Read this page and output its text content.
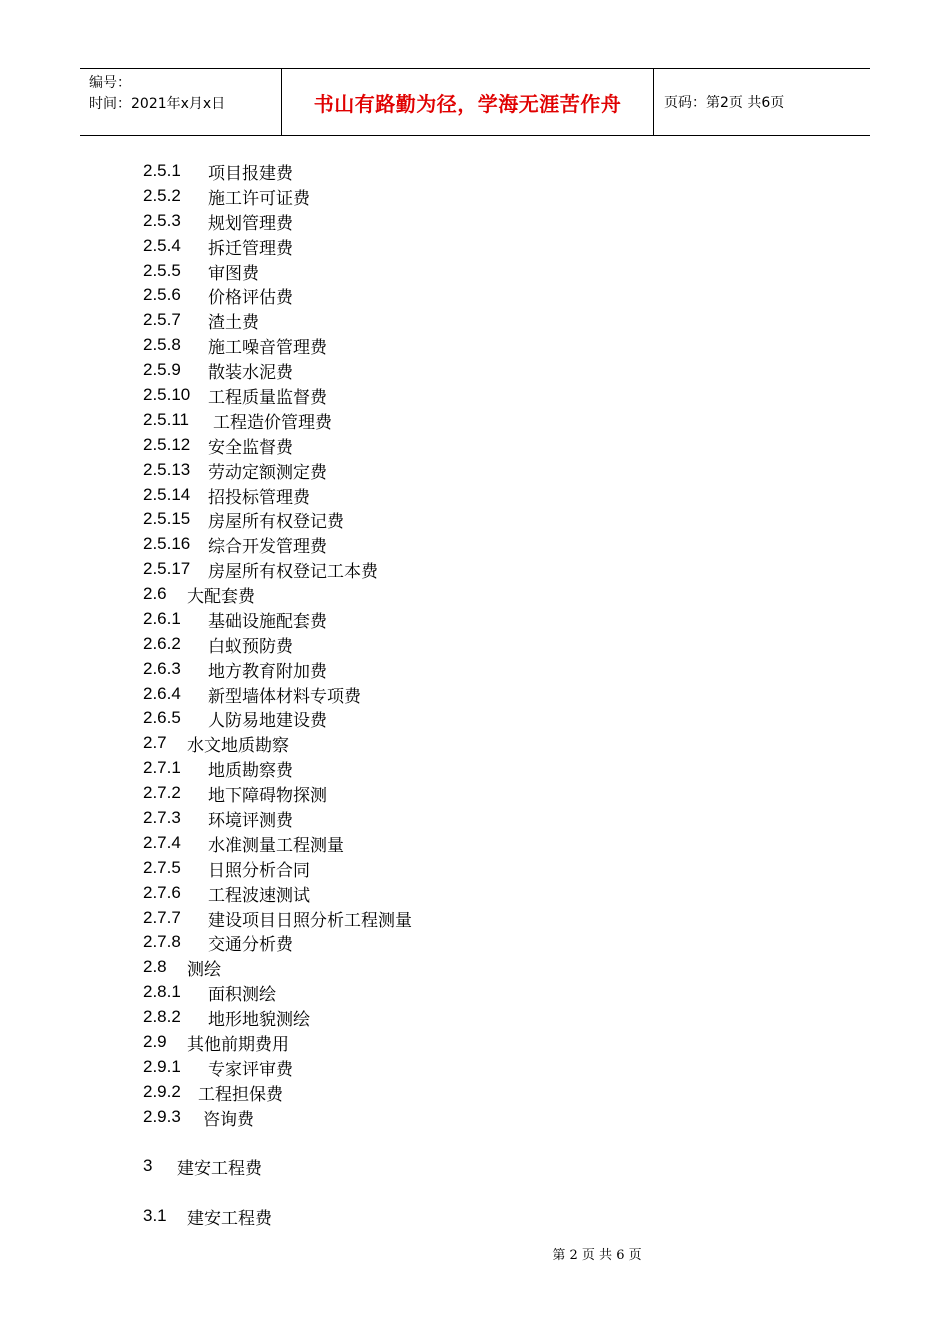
编号：
时间：2021年x月x日	书山有路勤为径，学海无涯苦作舟	页码：第2页 共6页
2.5.1	项目报建费
2.5.2	施工许可证费
2.5.3	规划管理费
2.5.4	拆迁管理费
2.5.5	审图费
2.5.6	价格评估费
2.5.7	渣土费
2.5.8	施工噪音管理费
2.5.9	散装水泥费
2.5.10	工程质量监督费
2.5.11	工程造价管理费
2.5.12	安全监督费
2.5.13	劳动定额测定费
2.5.14	招投标管理费
2.5.15	房屋所有权登记费
2.5.16	综合开发管理费
2.5.17	房屋所有权登记工本费
2.6	大配套费
2.6.1	基础设施配套费
2.6.2	白蚁预防费
2.6.3	地方教育附加费
2.6.4	新型墙体材料专项费
2.6.5	人防易地建设费
2.7	水文地质勘察
2.7.1	地质勘察费
2.7.2	地下障碍物探测
2.7.3	环境评测费
2.7.4	水准测量工程测量
2.7.5	日照分析合同
2.7.6	工程波速测试
2.7.7	建设项目日照分析工程测量
2.7.8	交通分析费
2.8	测绘
2.8.1	面积测绘
2.8.2	地形地貌测绘
2.9	其他前期费用
2.9.1	专家评审费
2.9.2	工程担保费
2.9.3	咨询费
3	建安工程费
3.1	建安工程费
第 2 页 共 6 页
